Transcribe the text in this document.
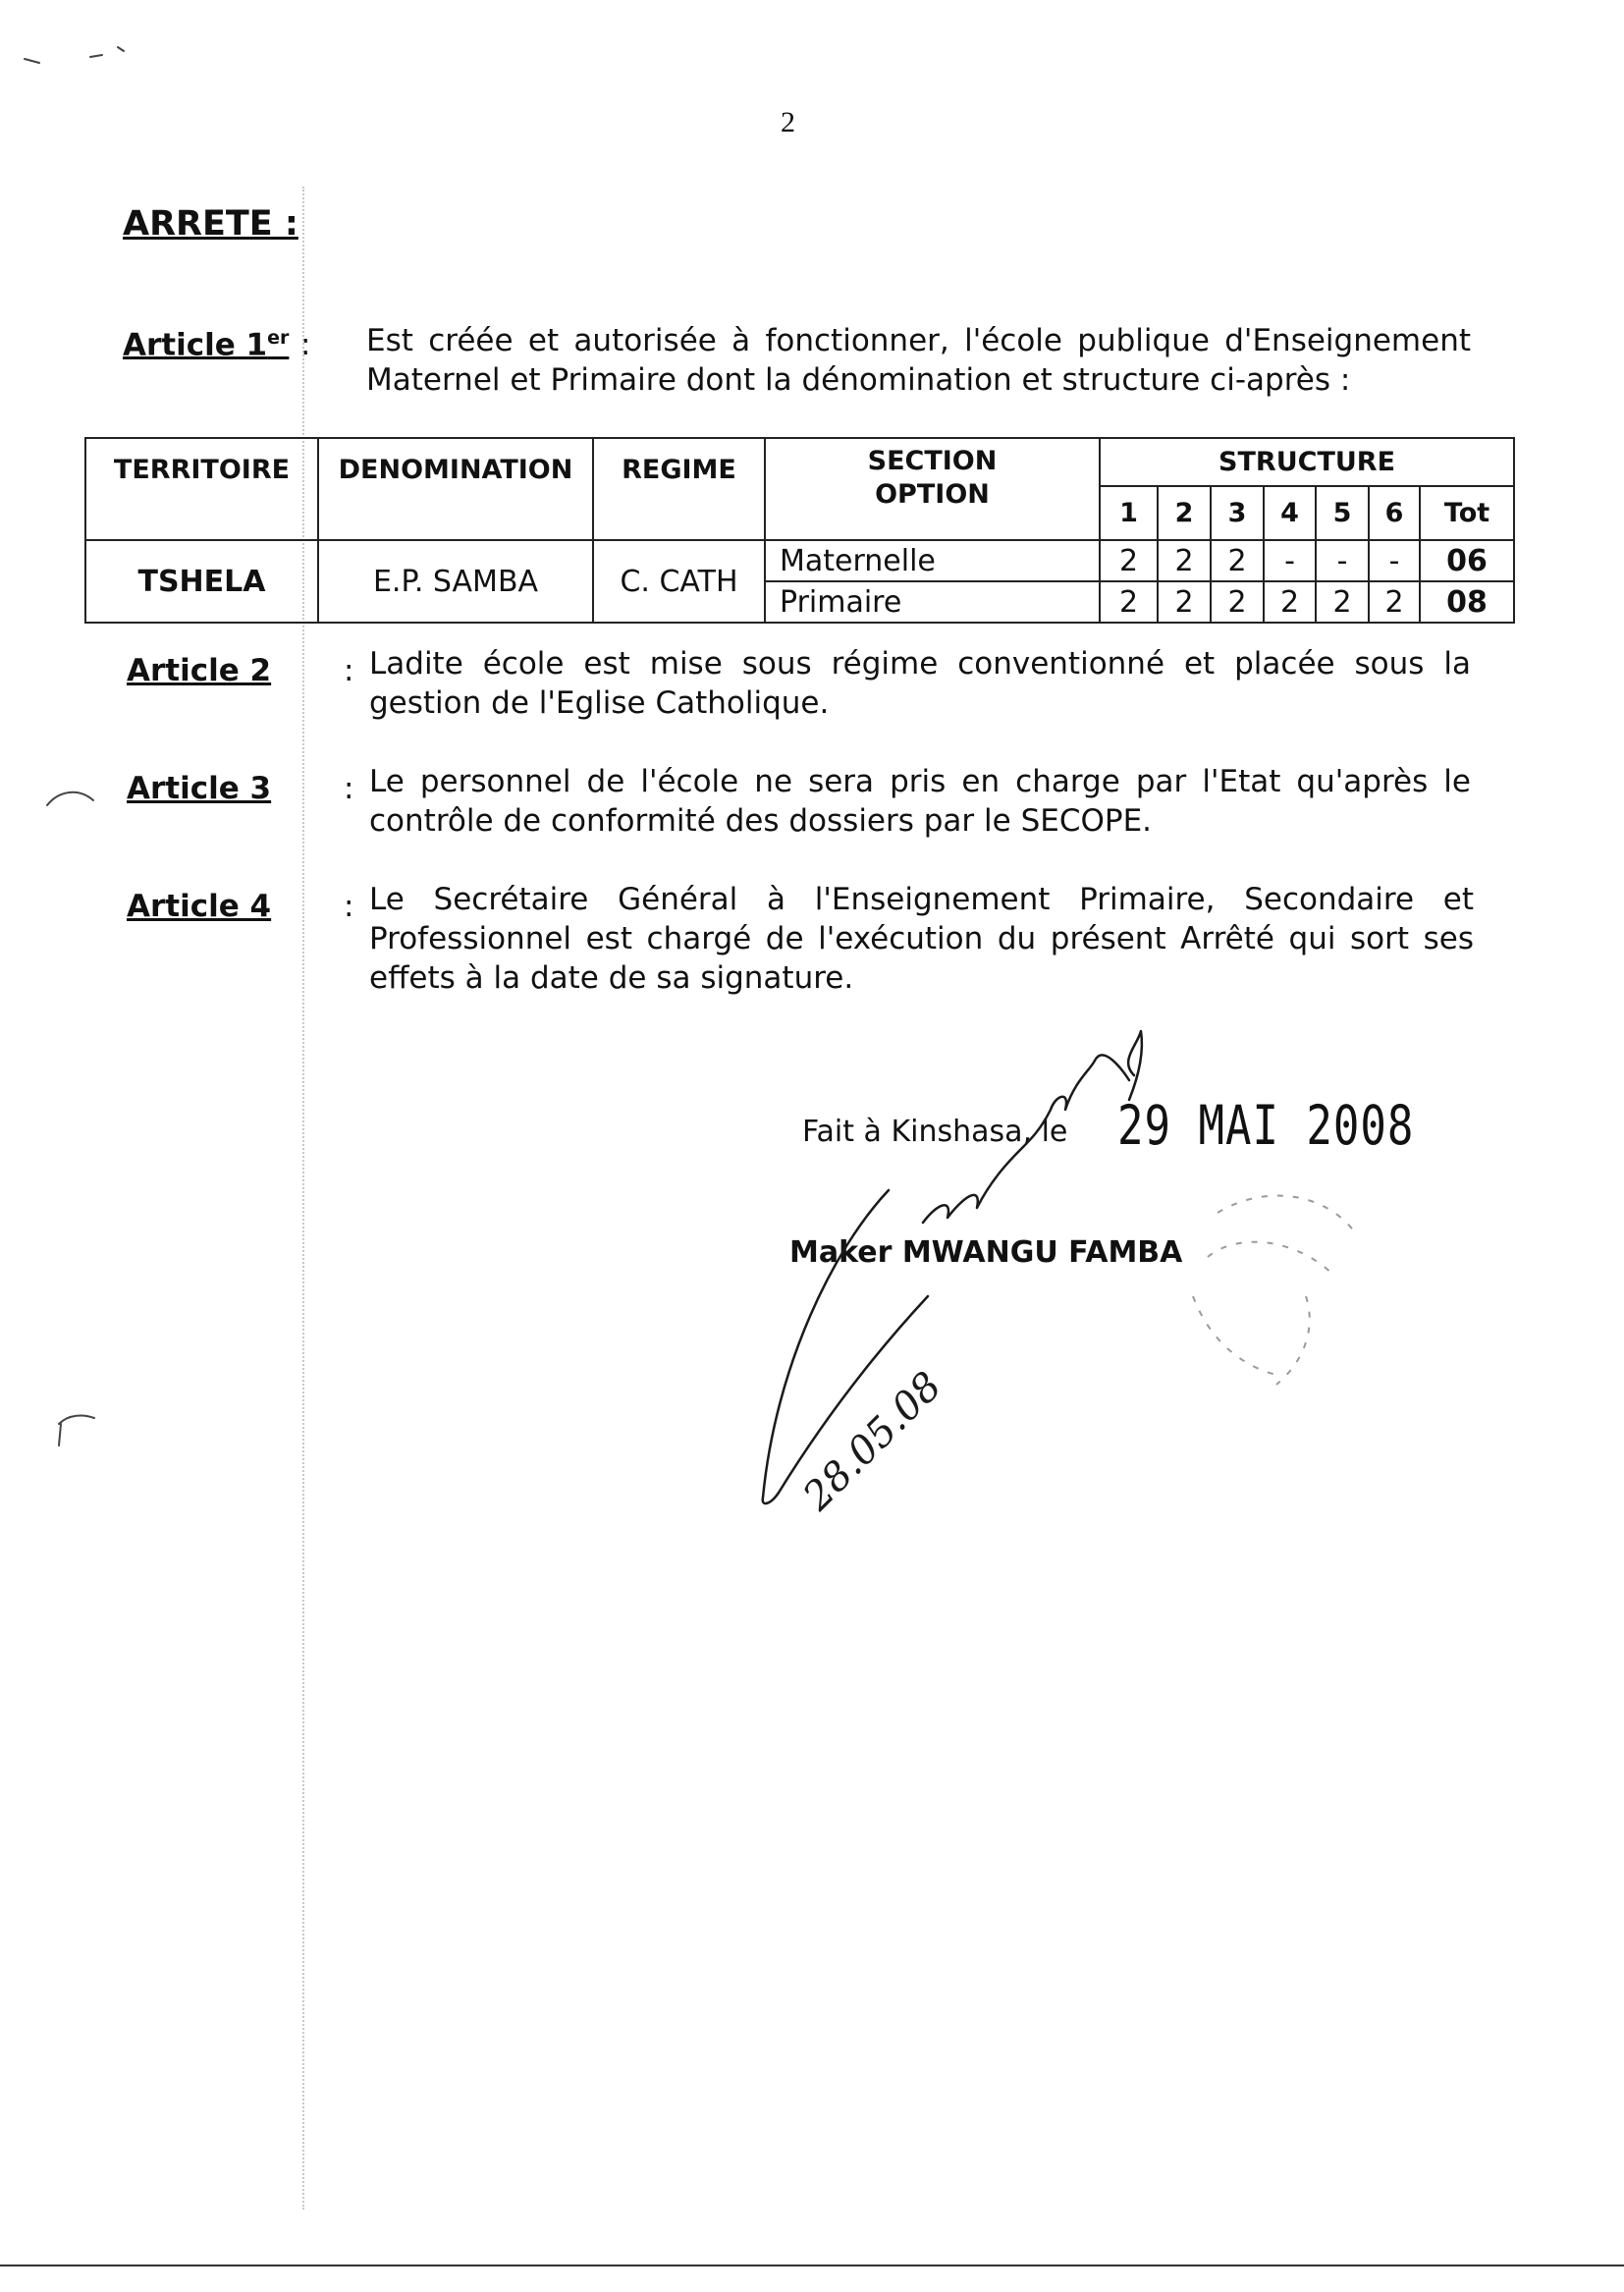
2
ARRETE :
Article 1er : Est créée et autorisée à fonctionner, l'école publique d'Enseignement Maternel et Primaire dont la dénomination et structure ci-après :
TERRITOIRE	DENOMINATION	REGIME	SECTION
OPTION	STRUCTURE						
				1	2	3	4	5	6	Tot
TSHELA	E.P. SAMBA	C. CATH	Maternelle	2	2	2	-	-	-	06
			Primaire	2	2	2	2	2	2	08
Article 2 : Ladite école est mise sous régime conventionné et placée sous la gestion de l'Eglise Catholique.
Article 3 : Le personnel de l'école ne sera pris en charge par l'Etat qu'après le contrôle de conformité des dossiers par le SECOPE.
Article 4 : Le Secrétaire Général à l'Enseignement Primaire, Secondaire et Professionnel est chargé de l'exécution du présent Arrêté qui sort ses effets à la date de sa signature.
Fait à Kinshasa, le 29 MAI 2008
Maker MWANGU FAMBA
28.05.08
